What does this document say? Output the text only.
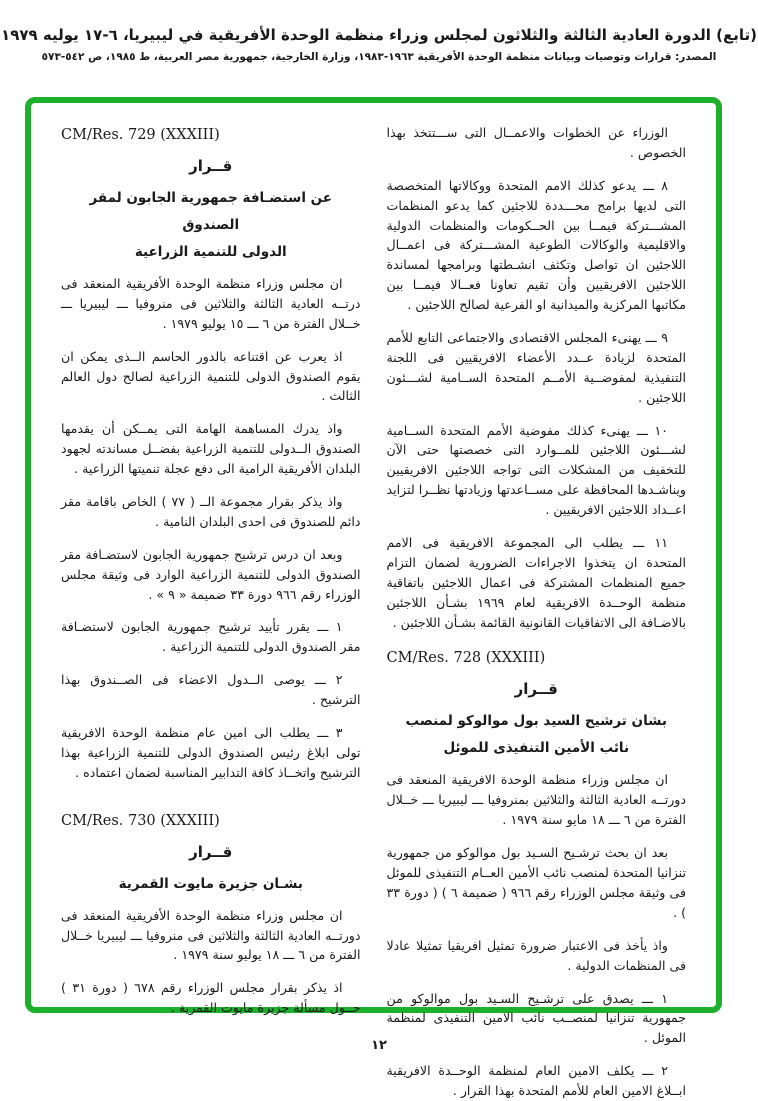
(تابع) الدورة العادية الثالثة والثلاثون لمجلس وزراء منظمة الوحدة الأفريقية في ليبيريا، ٦-١٧ يوليه ١٩٧٩
المصدر: قرارات وتوصيات وبيانات منظمة الوحدة الأفريقية ١٩٦٣-١٩٨٣، وزارة الخارجية، جمهورية مصر العربية، ط ١٩٨٥، ص ٥٤٢-٥٧٣

الوزراء عن الخطوات والاعمــال التى ســـتتخذ بهذا الخصوص .

٨ ـــ يدعو كذلك الامم المتحدة ووكالاتها المتخصصة التى لديها برامج محـــددة للاجئين كما يدعو المنظمات المشـــتركة فيمــا بين الحــكومات والمنظمات الدولية والاقليمية والوكالات الطوعية المشـــتركة فى اعمــال اللاجئين ان تواصل وتكثف انشـطتها وبرامجها لمساندة اللاجئين الافريقيين وأن تقيم تعاونا فعــالا فيمــا بين مكاتبها المركزية والميدانية او الفرعية لصالح اللاجئين .

٩ ـــ يهنىء المجلس الاقتصادى والاجتماعى التابع للأمم المتحدة لزيادة عــدد الأعضاء الافريقيين فى اللجنة التنفيذية لمفوضــية الأمــم المتحدة الســامية لشـــئون اللاجئين .

١٠ ـــ يهنىء كذلك مفوضية الأمم المتحدة الســامية لشـــئون اللاجئين للمــوارد التى خصصتها حتى الآن للتخفيف من المشكلات التى تواجه اللاجئين الافريقيين ويناشـدها المحافظة على مســاعدتها وزيادتها نظــرا لتزايد اعــداد اللاجئين الافريقيين .

١١ ـــ يطلب الى المجموعة الافريقية فى الامم المتحدة ان يتخذوا الاجراءات الضرورية لضمان التزام جميع المنظمات المشتركة فى اعمال اللاجئين باتفاقية منظمة الوحــدة الافريقية لعام ١٩٦٩ بشـأن اللاجئين بالاضـافة الى الاتفاقيات القانونية القائمة بشـأن اللاجئين .

CM/Res. 728 (XXXIII)
قــرار
بشان ترشيح السيد بول موالوكو لمنصب
نائب الأمين التنفيذى للموئل

ان مجلس وزراء منظمة الوحدة الافريقية المنعقد فى دورتــه العادية الثالثة والثلاثين بمنروفيا ـــ ليبيريا ـــ خــلال الفترة من ٦ ـــ ١٨ مايو سنة ١٩٧٩ .

بعد ان بحث ترشـيح السـيد بول موالوكو من جمهورية تنزانيا المتحدة لمنصب نائب الأمين العــام التنفيذى للموئل فى وثيقة مجلس الوزراء رقم ٩٦٦ ( ضميمة ٦ ) ( دورة ٣٣ ) .

واذ يأخذ فى الاعتبار ضرورة تمثيل افريقيا تمثيلا عادلا فى المنظمات الدولية .

١ ـــ يصدق على ترشـيح السـيد بول موالوكو من جمهورية تنزانيا لمنصــب نائب الامين التنفيذى لمنظمة الموئل .

٢ ـــ يكلف الامين العام لمنظمة الوحــدة الافريقية ابــلاغ الامين العام للأمم المتحدة بهذا القرار .

CM/Res. 729 (XXXIII)
قــرار
عن استضـافة جمهورية الجابون لمقر الصندوق
الدولى للتنمية الزراعية

ان مجلس وزراء منظمة الوحدة الأفريقية المنعقد فى درتــه العادية الثالثة والثلاثين فى منروفيا ـــ ليبيريا ـــ خــلال الفترة من ٦ ـــ ١٥ يوليو ١٩٧٩ .

اذ يعرب عن اقتناعه بالدور الحاسم الــذى يمكن ان يقوم الصندوق الدولى للتنمية الزراعية لصالح دول العالم الثالث .

واذ يدرك المساهمة الهامة التى يمــكن أن يقدمها الصندوق الــدولى للتنمية الزراعية بفضــل مساندته لجهود البلدان الأفريقية الرامية الى دفع عجلة تنميتها الزراعية .

واذ يذكر بقرار مجموعة الــ ( ٧٧ ) الخاص باقامة مقر دائم للصندوق فى احدى البلدان النامية .

وبعد ان درس ترشيح جمهورية الجابون لاستضـافة مقر الصندوق الدولى للتنمية الزراعية الوارد فى وثيقة مجلس الوزراء رقم ٩٦٦ دورة ٣٣ ضميمة « ٩ » .

١ ـــ يقرر تأييد ترشيح جمهورية الجابون لاستضـافة مقر الصندوق الدولى للتنمية الزراعية .

٢ ـــ يوصى الــدول الاعضاء فى الصــندوق بهذا الترشيح .

٣ ـــ يطلب الى امين عام منظمة الوحدة الافريقية تولى ابلاغ رئيس الصندوق الدولى للتنمية الزراعية بهذا الترشيح واتخــاذ كافة التدابير المناسبة لضمان اعتماده .

CM/Res. 730 (XXXIII)
قــرار
بشـان جزيرة مايوت القمرية

ان مجلس وزراء منظمة الوحدة الأفريقية المنعقد فى دورتــه العادية الثالثة والثلاثين فى منروفيا ـــ ليبيريا خــلال الفترة من ٦ ـــ ١٨ يوليو سنة ١٩٧٩ .

اذ يذكر بقرار مجلس الوزراء رقم ٦٧٨ ( دورة ٣١ ) حــول مسألة جزيرة مايوت القمرية .

١٢
